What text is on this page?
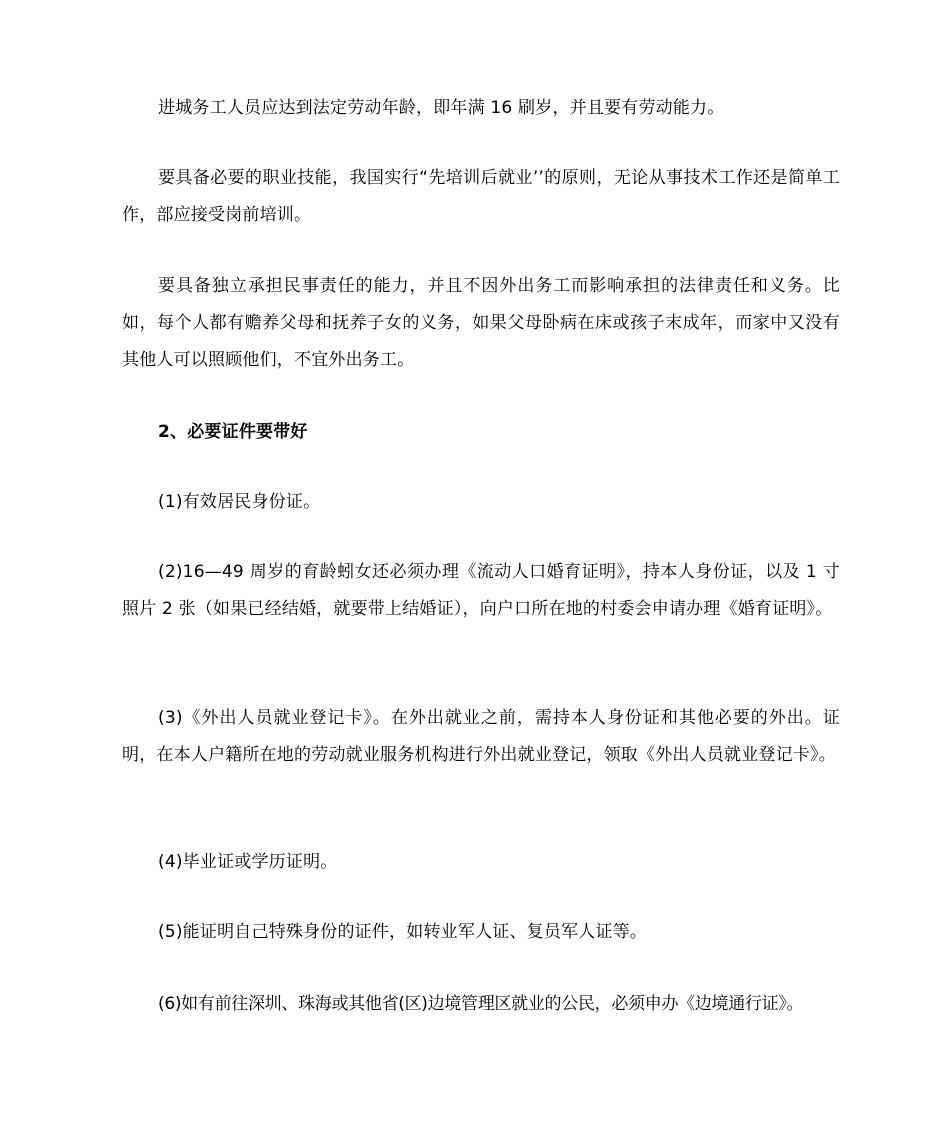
进城务工人员应达到法定劳动年龄，即年满 16 刷岁，并且要有劳动能力。

要具备必要的职业技能，我国实行“先培训后就业’’的原则，无论从事技术工作还是简单工作，部应接受岗前培训。

要具备独立承担民事责任的能力，并且不因外出务工而影响承担的法律责任和义务。比如，每个人都有赡养父母和抚养子女的义务，如果父母卧病在床或孩子末成年，而家中又没有其他人可以照顾他们，不宜外出务工。

2、必要证件要带好

(1)有效居民身份证。

(2)16—49 周岁的育龄蚓女还必须办理《流动人口婚育证明》，持本人身份证，以及 1 寸照片 2 张（如果已经结婚，就要带上结婚证），向户口所在地的村委会申请办理《婚育证明》。

(3)《外出人员就业登记卡》。在外出就业之前，需持本人身份证和其他必要的外出。证明，在本人户籍所在地的劳动就业服务机构进行外出就业登记，领取《外出人员就业登记卡》。

(4)毕业证或学历证明。

(5)能证明自己特殊身份的证件，如转业军人证、复员军人证等。

(6)如有前往深圳、珠海或其他省(区)边境管理区就业的公民，必须申办《边境通行证》。
